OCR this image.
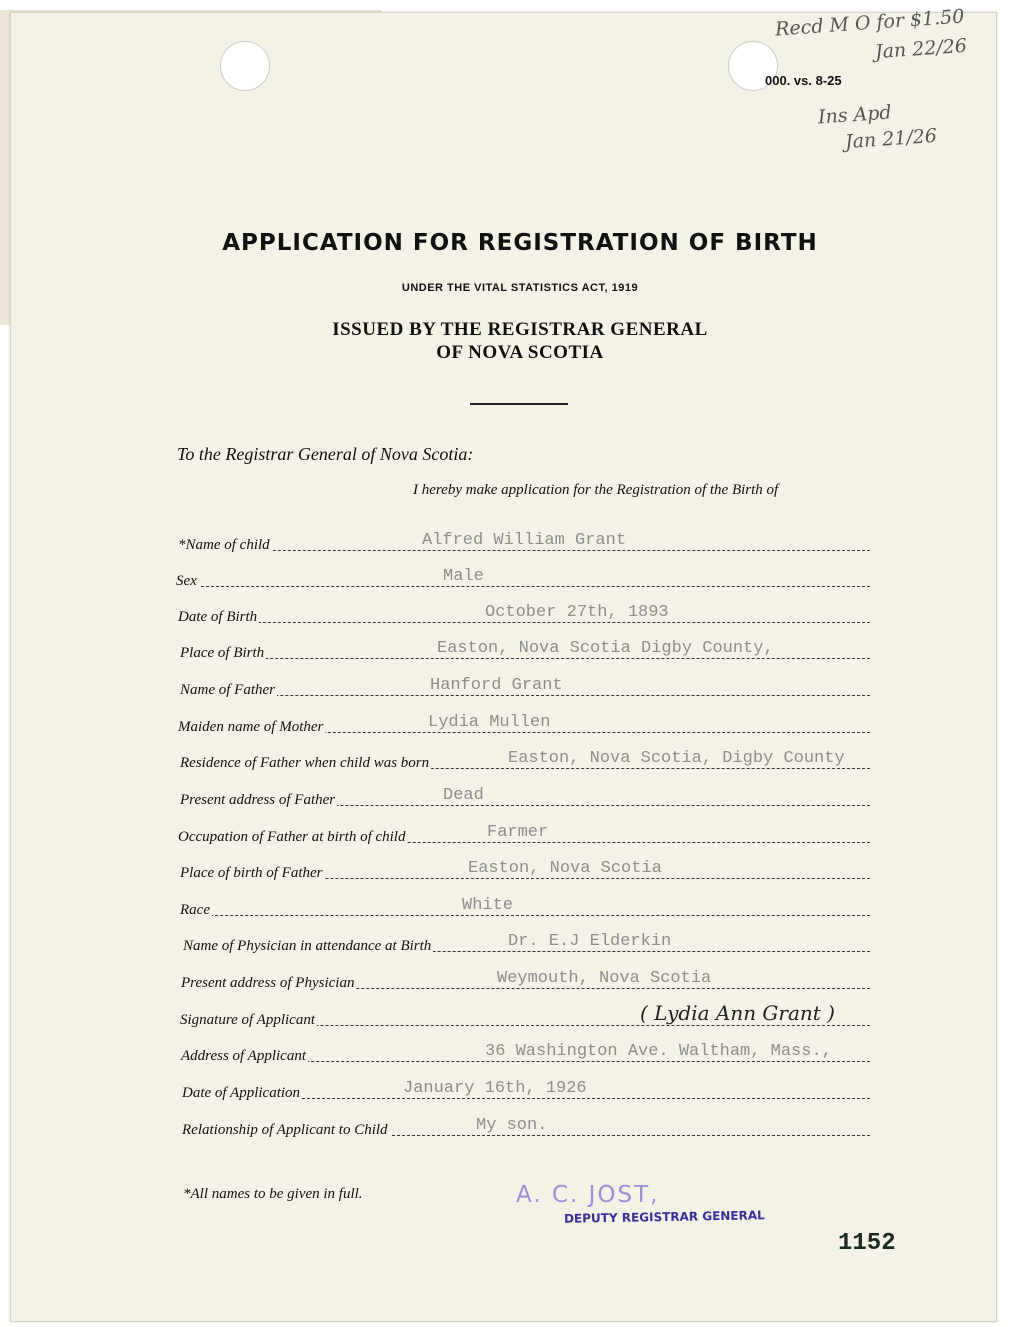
000. vs. 8-25
Recd M O for $1.50
Jan 22/26
Ins Apd
Jan 21/26
APPLICATION FOR REGISTRATION OF BIRTH
UNDER THE VITAL STATISTICS ACT, 1919
ISSUED BY THE REGISTRAR GENERAL
OF NOVA SCOTIA
To the Registrar General of Nova Scotia:
I hereby make application for the Registration of the Birth of
*Name of child	Alfred William Grant
Sex	Male
Date of Birth	October 27th, 1893
Place of Birth	Easton, Nova Scotia Digby County,
Name of Father	Hanford Grant
Maiden name of Mother	Lydia Mullen
Residence of Father when child was born	Easton, Nova Scotia, Digby County
Present address of Father	Dead
Occupation of Father at birth of child	Farmer
Place of birth of Father	Easton, Nova Scotia
Race	White
Name of Physician in attendance at Birth	Dr. E.J Elderkin
Present address of Physician	Weymouth, Nova Scotia
Signature of Applicant	( Lydia Ann Grant )
Address of Applicant	36 Washington Ave. Waltham, Mass.,
Date of Application	January 16th, 1926
Relationship of Applicant to Child	My son.
*All names to be given in full.	A. C. JOST,
DEPUTY REGISTRAR GENERAL
1152
